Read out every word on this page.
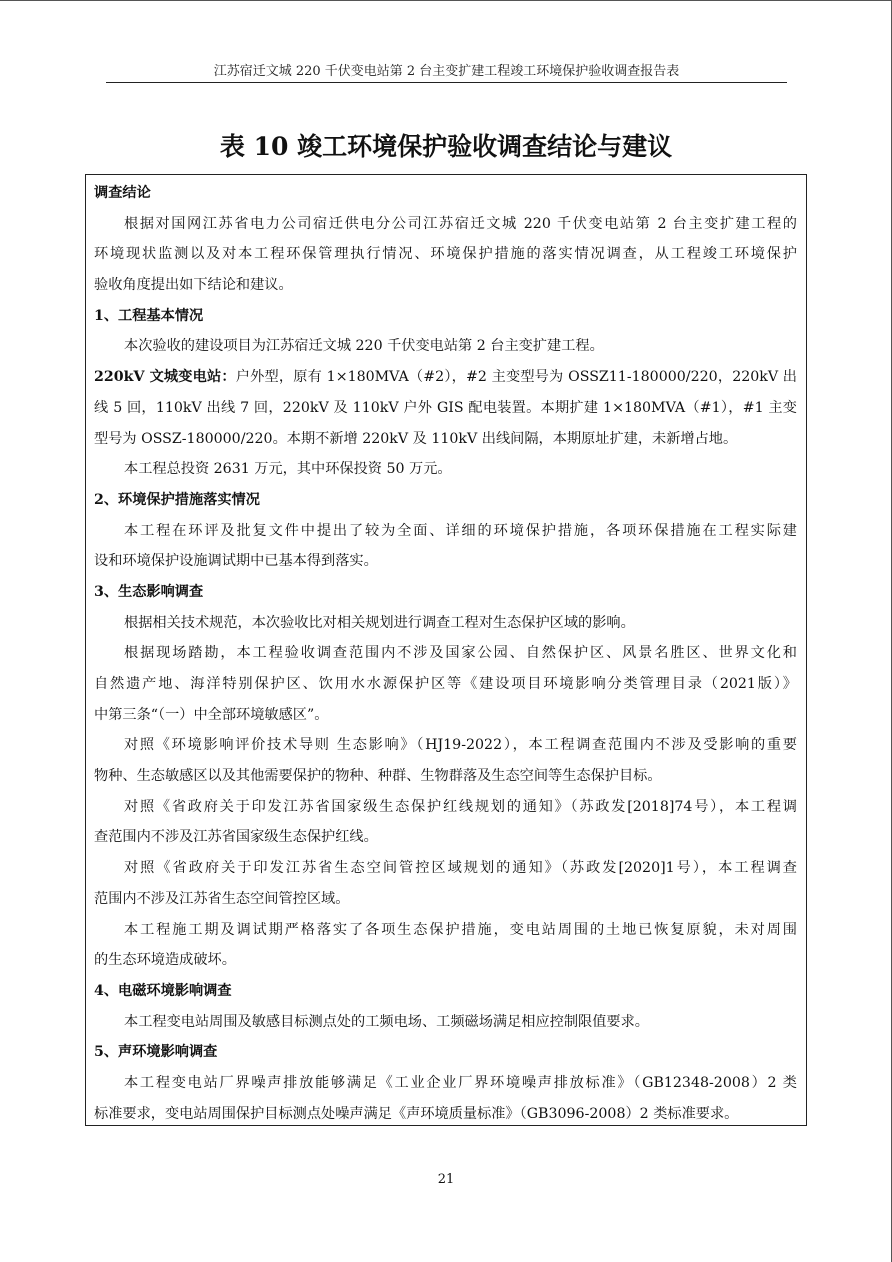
江苏宿迁文城 220 千伏变电站第 2 台主变扩建工程竣工环境保护验收调查报告表
表 10 竣工环境保护验收调查结论与建议
调查结论
根据对国网江苏省电力公司宿迁供电分公司江苏宿迁文城 220 千伏变电站第 2 台主变扩建工程的
环境现状监测以及对本工程环保管理执行情况、环境保护措施的落实情况调查，从工程竣工环境保护
验收角度提出如下结论和建议。
1、工程基本情况
本次验收的建设项目为江苏宿迁文城 220 千伏变电站第 2 台主变扩建工程。
220kV 文城变电站：户外型，原有 1×180MVA（#2），#2 主变型号为 OSSZ11-180000/220，220kV 出
线 5 回，110kV 出线 7 回，220kV 及 110kV 户外 GIS 配电装置。本期扩建 1×180MVA（#1），#1 主变
型号为 OSSZ-180000/220。本期不新增 220kV 及 110kV 出线间隔，本期原址扩建，未新增占地。
本工程总投资 2631 万元，其中环保投资 50 万元。
2、环境保护措施落实情况
本工程在环评及批复文件中提出了较为全面、详细的环境保护措施，各项环保措施在工程实际建
设和环境保护设施调试期中已基本得到落实。
3、生态影响调查
根据相关技术规范，本次验收比对相关规划进行调查工程对生态保护区域的影响。
根据现场踏勘，本工程验收调查范围内不涉及国家公园、自然保护区、风景名胜区、世界文化和
自然遗产地、海洋特别保护区、饮用水水源保护区等《建设项目环境影响分类管理目录（2021版）》
中第三条“（一）中全部环境敏感区”。
对照《环境影响评价技术导则 生态影响》（HJ19-2022），本工程调查范围内不涉及受影响的重要
物种、生态敏感区以及其他需要保护的物种、种群、生物群落及生态空间等生态保护目标。
对照《省政府关于印发江苏省国家级生态保护红线规划的通知》（苏政发[2018]74号），本工程调
查范围内不涉及江苏省国家级生态保护红线。
对照《省政府关于印发江苏省生态空间管控区域规划的通知》（苏政发[2020]1号），本工程调查
范围内不涉及江苏省生态空间管控区域。
本工程施工期及调试期严格落实了各项生态保护措施，变电站周围的土地已恢复原貌，未对周围
的生态环境造成破坏。
4、电磁环境影响调查
本工程变电站周围及敏感目标测点处的工频电场、工频磁场满足相应控制限值要求。
5、声环境影响调查
本工程变电站厂界噪声排放能够满足《工业企业厂界环境噪声排放标准》（GB12348-2008）2 类
标准要求，变电站周围保护目标测点处噪声满足《声环境质量标准》（GB3096-2008）2 类标准要求。
21
